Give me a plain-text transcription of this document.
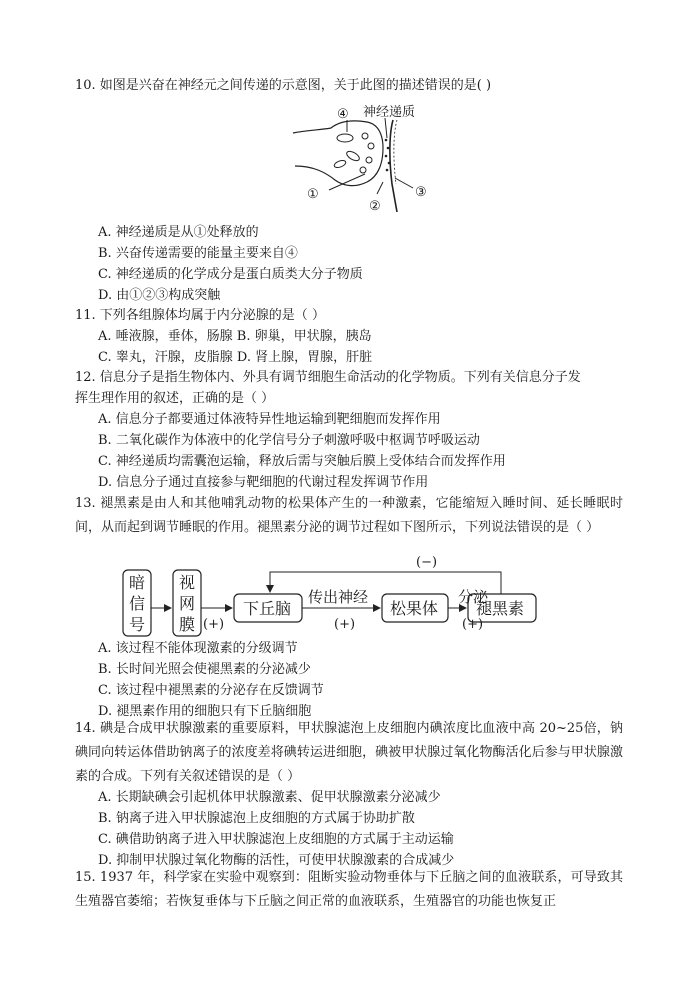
10. 如图是兴奋在神经元之间传递的示意图，关于此图的描述错误的是( )
④ 神经递质
①
②
③
A. 神经递质是从①处释放的
B. 兴奋传递需要的能量主要来自④
C. 神经递质的化学成分是蛋白质类大分子物质
D. 由①②③构成突触
11. 下列各组腺体均属于内分泌腺的是（ ）
A. 唾液腺，垂体，肠腺 B. 卵巢，甲状腺，胰岛
C. 睾丸，汗腺，皮脂腺 D. 肾上腺，胃腺，肝脏
12. 信息分子是指生物体内、外具有调节细胞生命活动的化学物质。下列有关信息分子发
挥生理作用的叙述，正确的是（ ）
A. 信息分子都要通过体液特异性地运输到靶细胞而发挥作用
B. 二氧化碳作为体液中的化学信号分子刺激呼吸中枢调节呼吸运动
C. 神经递质均需囊泡运输，释放后需与突触后膜上受体结合而发挥作用
D. 信息分子通过直接参与靶细胞的代谢过程发挥调节作用
13. 褪黑素是由人和其他哺乳动物的松果体产生的一种激素，它能缩短入睡时间、延长睡眠时间，从而起到调节睡眠的作用。褪黑素分泌的调节过程如下图所示，下列说法错误的是（ ）
暗
信
号
视
网
膜
下丘脑	松果体 褪黑素
(+)
传出神经
(+)
分泌
(+)
(−)
A. 该过程不能体现激素的分级调节
B. 长时间光照会使褪黑素的分泌减少
C. 该过程中褪黑素的分泌存在反馈调节
D. 褪黑素作用的细胞只有下丘脑细胞
14. 碘是合成甲状腺激素的重要原料，甲状腺滤泡上皮细胞内碘浓度比血液中高 20~25倍，钠碘同向转运体借助钠离子的浓度差将碘转运进细胞，碘被甲状腺过氧化物酶活化后参与甲状腺激素的合成。下列有关叙述错误的是（ ）
A. 长期缺碘会引起机体甲状腺激素、促甲状腺激素分泌减少
B. 钠离子进入甲状腺滤泡上皮细胞的方式属于协助扩散
C. 碘借助钠离子进入甲状腺滤泡上皮细胞的方式属于主动运输
D. 抑制甲状腺过氧化物酶的活性，可使甲状腺激素的合成减少
15. 1937 年，科学家在实验中观察到：阻断实验动物垂体与下丘脑之间的血液联系，可导致其生殖器官萎缩；若恢复垂体与下丘脑之间正常的血液联系，生殖器官的功能也恢复正
